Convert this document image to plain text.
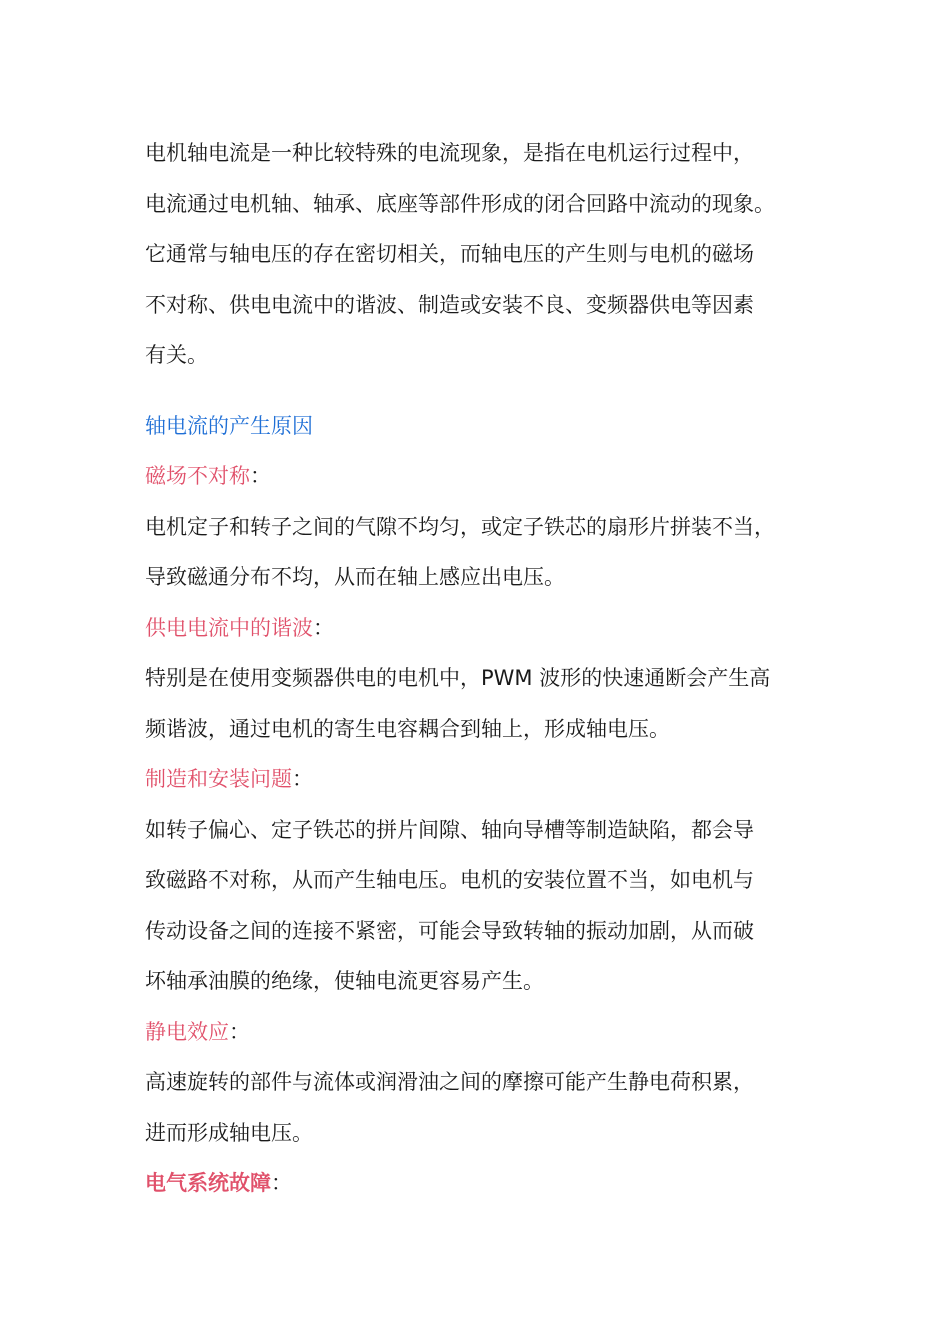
电机轴电流是一种比较特殊的电流现象，是指在电机运行过程中，
电流通过电机轴、轴承、底座等部件形成的闭合回路中流动的现象。
它通常与轴电压的存在密切相关，而轴电压的产生则与电机的磁场
不对称、供电电流中的谐波、制造或安装不良、变频器供电等因素
有关。

轴电流的产生原因

磁场不对称：

电机定子和转子之间的气隙不均匀，或定子铁芯的扇形片拼装不当，
导致磁通分布不均，从而在轴上感应出电压。

供电电流中的谐波：

特别是在使用变频器供电的电机中，PWM 波形的快速通断会产生高
频谐波，通过电机的寄生电容耦合到轴上，形成轴电压。

制造和安装问题：

如转子偏心、定子铁芯的拼片间隙、轴向导槽等制造缺陷，都会导
致磁路不对称，从而产生轴电压。电机的安装位置不当，如电机与
传动设备之间的连接不紧密，可能会导致转轴的振动加剧，从而破
坏轴承油膜的绝缘，使轴电流更容易产生。

静电效应：

高速旋转的部件与流体或润滑油之间的摩擦可能产生静电荷积累，
进而形成轴电压。

电气系统故障：
